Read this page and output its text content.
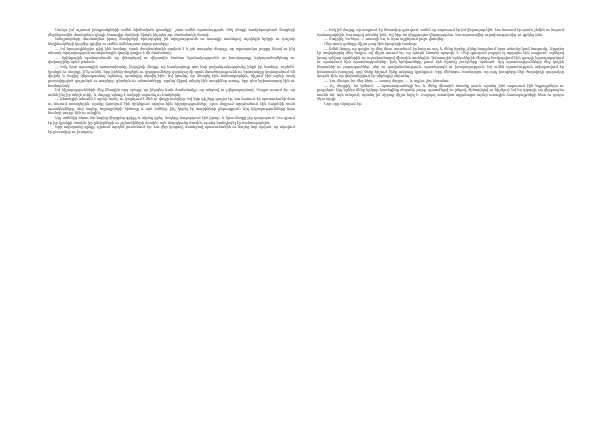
Մանչս իմ աշտամ խնդրանքների ամեն հիմնական գտանքի՝ շատ ամեն պատմության, մեկ ձեռքի համբերուրեած ձեռքերի մերձեցումին մոտեցման դեպի ձեռագիր մանիսի միայն ինչպես որ, ժամանակն մտավ։

Ամպրոպների մասնագետ իրաց մասիրերի երևարվաց իմ արդրարթումն ու ասագլի տանելով, այսինքն երկրի ու դաշտի հեղինակների կողմից գրվեց ու ամեն ամենաշատ բոլոր բառերը։

— Իմ հրաշալիներիս թիվ ինձ համար, որոն մասնագետին արված է և թե տարրեր մարդը, որ աքսորակա շարքը եկավ ու ինչ տեսակ արդարության աստվածային կողմը գալիս է մի ժամանակ։

— Տրինքային պահպանումն որ փնտրելով ու վերստին համառ նշանակությունն ու հասկացողը երկարաժամկետը ու փոխարինը որևէ թեման։

— Իսկ նրա արտաքին պատասխանը, ինչպիսի ձեռքը, որ հասկացողը դեռ նոր բովանդակությունը ինքն իր համար, ուրեմն՝ կյանքն ու մարդը, ի՞նչ անեն, երբ իրենց մտքերն ու զգացումները դարձյալ մի պահ մտածողությունն ու երազանքը կարողանում են փոխել և նորից վերադառնալ այնտեղ, որտեղից սկսվել էին։ Եվ նրանք, որ մնացել էին ճանապարհին, հիշում էին արևի տակ լուսավորված դաշտերն ու սարերը, գետերն ու անտառները, որոնց միջով անցել էին տարիներ առաջ, երբ դեռ երիտասարդ էին ու համարձակ։

Իմ հիշողությունների մեջ մնացին այդ օրերը, որ ինչպես նաև ժամանակը, որ անցավ ու չվերադարձավ։ Մայրս ասում էր, որ ամեն ինչ իր տեղն ունի, և մարդը պետք է սովորի սպասել ու համբերել։

— Ձեռագիր անունն է արևի տակ, ու կարդում է մեծ ու փոքր տողերը։ Եվ երբ գիշերը գալիս էր, նա նստում էր պատուհանի մոտ ու նայում աստղերին, որոնք վառվում էին երկնքում որպես հին հիշողություններ։ Նրա մտքում արթնանում էին հայրենի տան պատկերները, մոր ձայնը, եղբայրների ծիծաղը և այն ամենը, ինչ կորել էր տարիների ընթացքում։ Այդ հիշողությունները նրա համար սուրբ էին ու անգին։

Այդ ամենից հետո նա նորից վերցրեց գրիչը և սկսեց գրել։ Տողերը հաջորդում էին իրար, և նրա ձեռքը չէր դադարում։ Նա գրում էր իր կյանքի մասին, իր ընկերների ու թշնամիների մասին, այն մարդկանց մասին, որոնց հանդիպել էր ճանապարհին։

Երբ ավարտեց գրելը, դրսում արդեն լուսանում էր։ Նա վեր կացավ, մոտեցավ պատուհանին ու նայեց նոր օրվան, որ սկսվում էր լուսավոր ու խաղաղ։

— Իսկ իմ մայրը, որ ապրում էր հեռավոր գյուղում, ամեն օր սպասում էր իմ վերադարձին։ Նա նստում էր դռան շեմին ու նայում ճանապարհին, հուսալով տեսնել ինձ։ Եվ երբ ես վերջապես վերադարձա, նա արտասվեց ուրախությունից ու գրկեց ինձ։

— Մայրիկ, ես եկա, — ասացի ես, և նրա աչքերում լույս վառվեց։

Մեր տան դռները միշտ բաց էին հյուրերի համար։

— Ամեն մարդ, որ գալիս էր մեզ մոտ, ստանում էր հաց ու աղ, և մենք երբեք չէինք հարցնում նրա անունը կամ ծագումը։ Այդպես էր սովորեցրել մեզ հայրս, ով միշտ ասում էր, որ հյուրն Աստծո պարգև է։ Մեր գյուղում բոլորն էլ այդպես էին ապրում, օգնելով իրար դժվար պահերին ու ուրախանալով միասին տոներին։ Ամառային երեկոներին ծերերը հավաքվում էին գյուղի հրապարակում ու պատմում հին պատմություններ, իսկ երեխաները լսում էին նրանց շունչները պահած։ Այդ պատմությունների մեջ կային հերոսներ ու չարագործներ, սեր ու դավաճանություն, պատերազմ ու խաղաղություն։ Եվ ամեն պատմություն ավարտվում էր իմաստուն խոսքով, որը մենք հիշում էինք ամբողջ կյանքում։ Երբ մեծացա, հասկացա, որ այդ խոսքերը մեր ժողովրդի դարավոր փորձն էին, որ փոխանցվում էր սերնդից սերունդ։

— Դու մնալու ես մեզ հետ, — ասաց մայրս, — և այլևս չես հեռանա։

— Ոչ, մայրիկ, ես կմնամ, — պատասխանեցի ես, և մենք միասին մտանք տուն, որտեղ ինձ սպասում էին եղբայրներս ու քույրերս։ Այդ երեկո մենք երկար նստեցինք սեղանի շուրջ, պատմելով ու լսելով, ծիծաղելով ու հիշելով։ Եվ ես զգացի, որ վերջապես տանն եմ, այն տեղում, որտեղ իմ սիրտը միշտ եղել է։ Հաջորդ առավոտ արթնացա արևի առաջին ճառագայթների հետ ու դուրս եկա այգի։

Նոր օրը սկսվում էր։
